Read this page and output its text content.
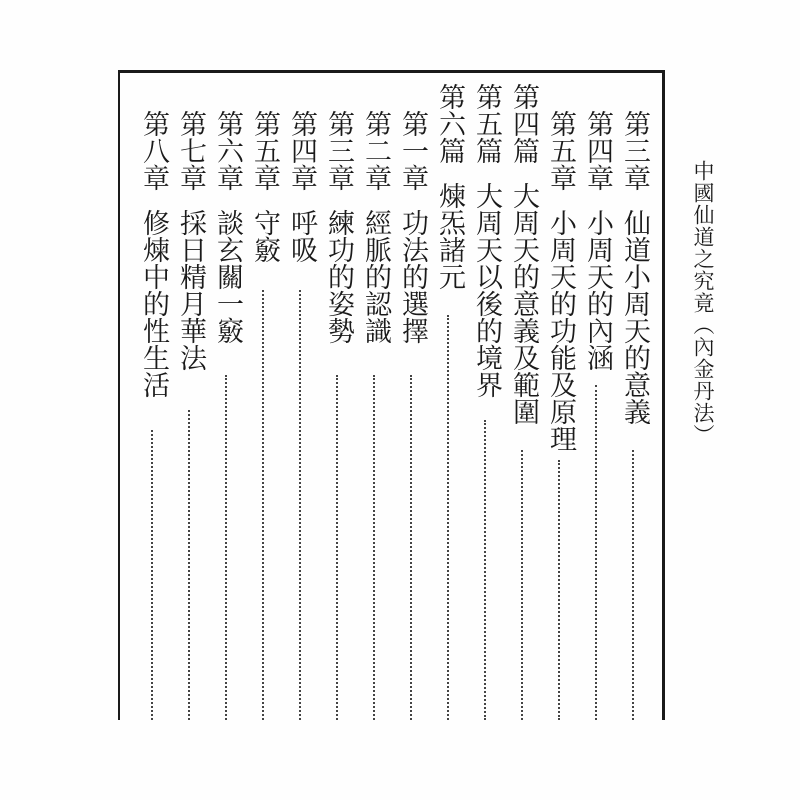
中國仙道之究竟（內金丹法）
第三章仙道小周天的意義
第四章小周天的內涵
第五章小周天的功能及原理
第四篇大周天的意義及範圍
第五篇大周天以後的境界
第六篇煉炁諸元
第一章功法的選擇
第二章經脈的認識
第三章練功的姿勢
第四章呼吸
第五章守竅
第六章談玄關一竅
第七章採日精月華法
第八章修煉中的性生活
